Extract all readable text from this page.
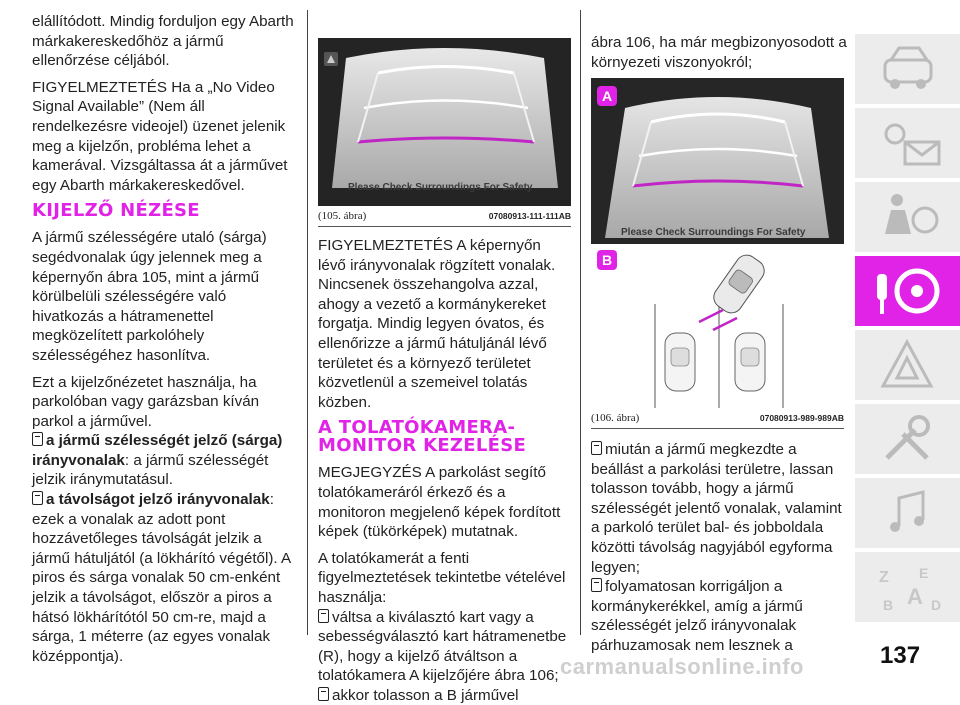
elállítódott. Mindig forduljon egy Abarth márkakereskedőhöz a jármű ellenőrzése céljából.

FIGYELMEZTETÉS Ha a „No Video Signal Available” (Nem áll rendelkezésre videojel) üzenet jelenik meg a kijelzőn, probléma lehet a kamerával. Vizsgáltassa át a járművet egy Abarth márkakereskedővel.

KIJELZŐ NÉZÉSE

A jármű szélességére utaló (sárga) segédvonalak úgy jelennek meg a képernyőn ábra 105, mint a jármű körülbelüli szélességére való hivatkozás a hátramenettel megközelített parkolóhely szélességéhez hasonlítva.

Ezt a kijelzőnézetet használja, ha parkolóban vagy garázsban kíván parkol a járművel.

a jármű szélességét jelző (sárga) irányvonalak: a jármű szélességét jelzik iránymutatásul.
a távolságot jelző irányvonalak: ezek a vonalak az adott pont hozzávetőleges távolságát jelzik a jármű hátuljától (a lökhárító végétől). A piros és sárga vonalak 50 cm-enként jelzik a távolságot, először a piros a hátsó lökhárítótól 50 cm-re, majd a sárga, 1 méterre (az egyes vonalak középpontja).
Please Check Surroundings For Safety
(105. ábra)	07080913-111-111AB

FIGYELMEZTETÉS A képernyőn lévő irányvonalak rögzített vonalak. Nincsenek összehangolva azzal, ahogy a vezető a kormánykereket forgatja. Mindig legyen óvatos, és ellenőrizze a jármű hátuljánál lévő területet és a környező területet közvetlenül a szemeivel tolatás közben.

A TOLATÓKAMERA-MONITOR KEZELÉSE

MEGJEGYZÉS A parkolást segítő tolatókameráról érkező és a monitoron megjelenő képek fordított képek (tükörképek) mutatnak.

A tolatókamerát a fenti figyelmeztetések tekintetbe vételével használja:

váltsa a kiválasztó kart vagy a sebességválasztó kart hátramenetbe (R), hogy a kijelző átváltson a tolatókamera A kijelzőjére ábra 106;
akkor tolasson a B járművel

ábra 106, ha már megbizonyosodott a környezeti viszonyokról;

Please Check Surroundings For Safety
A
B
(106. ábra)	07080913-989-989AB
miután a jármű megkezdte a beállást a parkolási területre, lassan tolasson tovább, hogy a jármű szélességét jelentő vonalak, valamint a parkoló terület bal- és jobboldala közötti távolság nagyjából egyforma legyen;
folyamatosan korrigáljon a kormánykerékkel, amíg a jármű szélességét jelző irányvonalak párhuzamosak nem lesznek a
Z E
B A D
carmanualsonline.info	137
